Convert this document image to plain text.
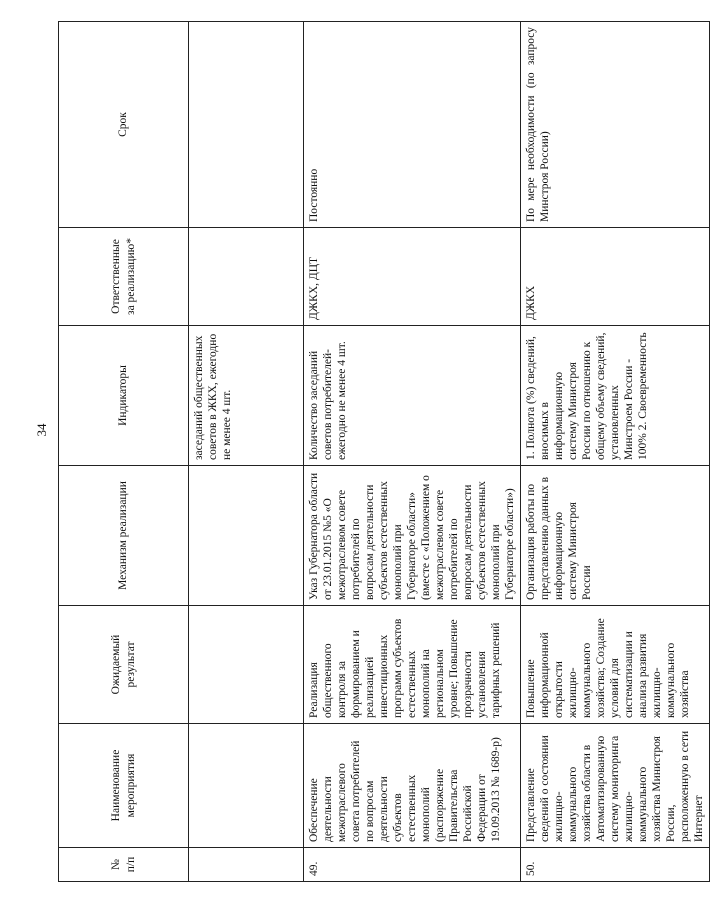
34
№ п/п	Наименование мероприятия	Ожидаемый результат	Механизм реализации	Индикаторы	Ответственные за реализацию*	Срок
				заседаний общественных советов в ЖКХ, ежегодно не менее 4 шт.		
49.	Обеспечение деятельности межотраслевого совета потребителей по вопросам деятельности субъектов естественных монополий (распоряжение Правительства Российской Федерации от 19.09.2013 № 1689-р)	Реализация общественного контроля за формированием и реализацией инвестиционных программ субъектов естественных монополий на региональном уровне; Повышение прозрачности установления тарифных решений	Указ Губернатора области от 23.01.2015 №5 «О межотраслевом совете потребителей по вопросам деятельности субъектов естественных монополий при Губернаторе области» (вместе с «Положением о межотраслевом совете потребителей по вопросам деятельности субъектов естественных монополий при Губернаторе области»)	Количество заседаний советов потребителей- ежегодно не менее 4 шт.	ДЖКХ, ДЦТ	Постоянно
50.	Представление сведений о состоянии жилищно-коммунального хозяйства области в Автоматизированную систему мониторинга жилищно-коммунального хозяйства Министроя России, расположенную в сети Интернет	Повышение информационной открытости жилищно-коммунального хозяйства; Создание условий для систематизации и анализа развития жилищно-коммунального хозяйства	Организация работы по представлению данных в информационную систему Министроя России	1. Полнота (%) сведений, вносимых в информационную систему Министроя России по отношению к общему объему сведений, установленных Минстроем России - 100% 2. Своевременность	ДЖКХ	По мере необходимости (по запросу Минстроя России)
